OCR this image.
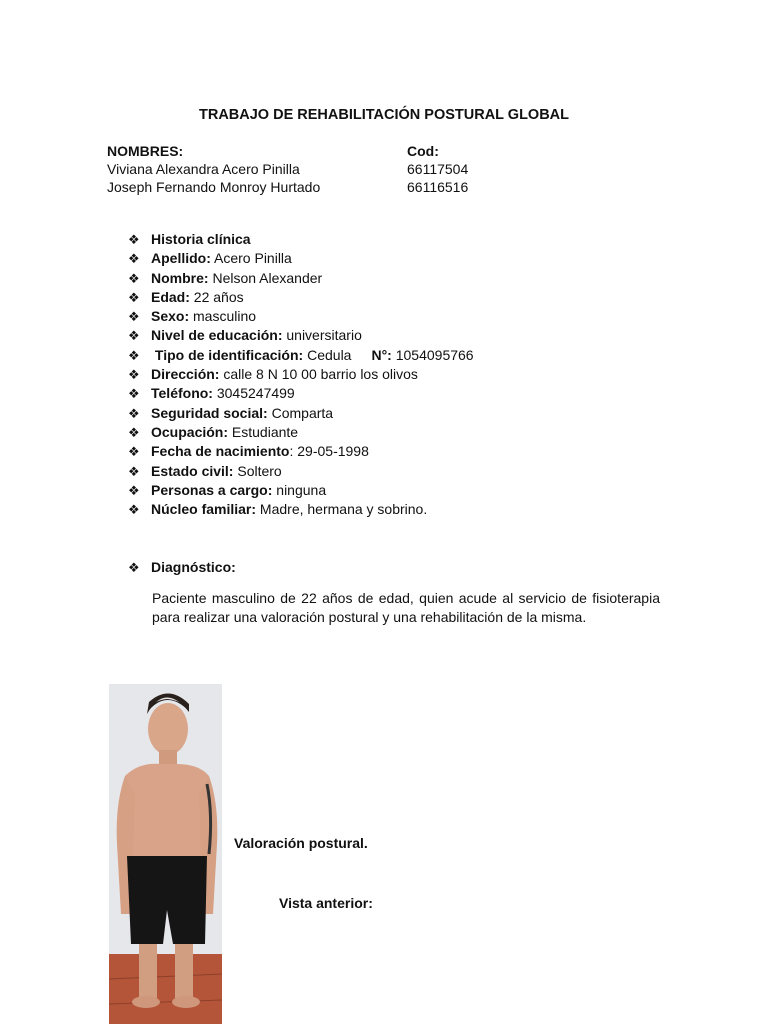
TRABAJO DE REHABILITACIÓN POSTURAL GLOBAL
NOMBRES:	Cod:
Viviana Alexandra Acero Pinilla	66117504
Joseph Fernando Monroy Hurtado	66116516
❖ Historia clínica
❖ Apellido: Acero Pinilla
❖ Nombre: Nelson Alexander
❖ Edad: 22 años
❖ Sexo: masculino
❖ Nivel de educación: universitario
❖ Tipo de identificación: Cedula N°: 1054095766
❖ Dirección: calle 8 N 10 00 barrio los olivos
❖ Teléfono: 3045247499
❖ Seguridad social: Comparta
❖ Ocupación: Estudiante
❖ Fecha de nacimiento: 29-05-1998
❖ Estado civil: Soltero
❖ Personas a cargo: ninguna
❖ Núcleo familiar: Madre, hermana y sobrino.
❖ Diagnóstico:
Paciente masculino de 22 años de edad, quien acude al servicio de fisioterapia para realizar una valoración postural y una rehabilitación de la misma.
Valoración postural.
Vista anterior:
